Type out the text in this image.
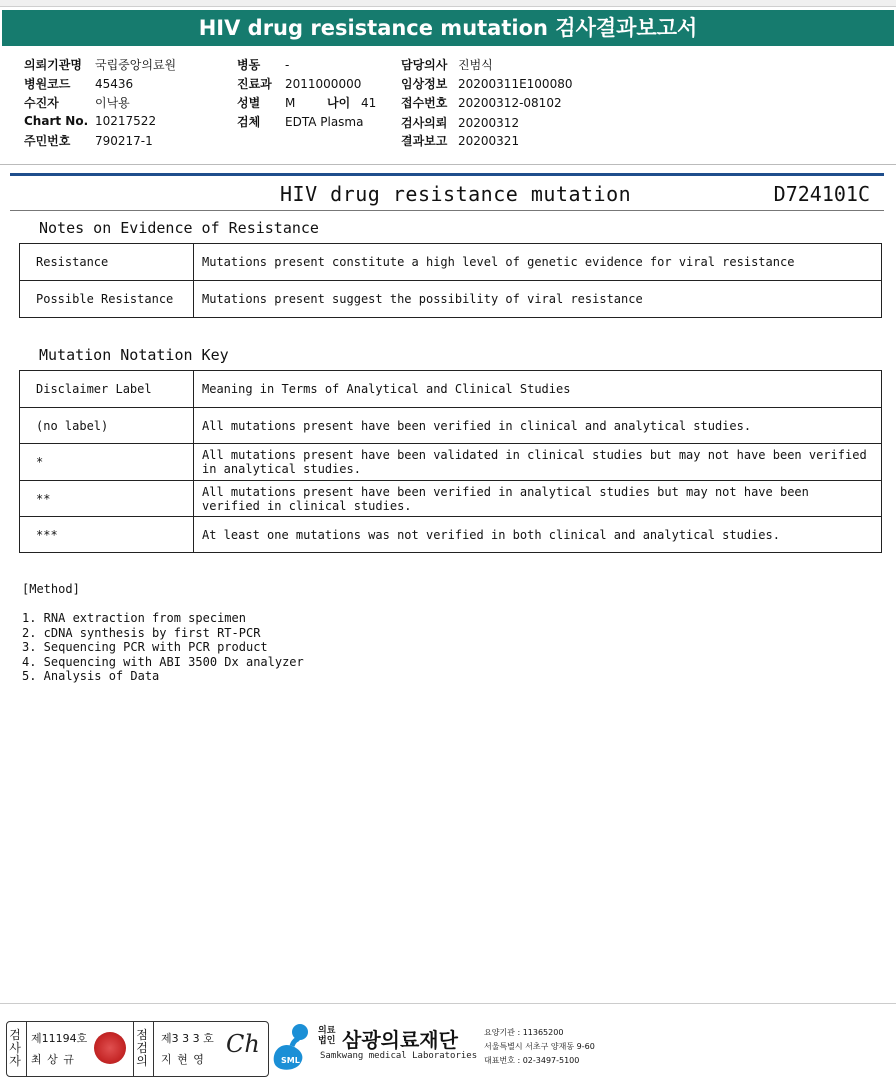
HIV drug resistance mutation 검사결과보고서
의뢰기관명 국립중앙의료원
병원코드 45436
수진자	이낙용
Chart No. 10217522
주민번호 790217-1
병동 -
진료과 2011000000
성별 M	나이 41
검체 EDTA Plasma
담당의사 진범식
임상정보 20200311E100080
접수번호 20200312-08102
검사의뢰 20200312
결과보고 20200321
HIV drug resistance mutation	D724101C
Notes on Evidence of Resistance
Resistance	Mutations present constitute a high level of genetic evidence for viral resistance
Possible Resistance	Mutations present suggest the possibility of viral resistance
Mutation Notation Key
Disclaimer Label	Meaning in Terms of Analytical and Clinical Studies
(no label)	All mutations present have been verified in clinical and analytical studies.
*	All mutations present have been validated in clinical studies but may not have been verified in analytical studies.
**	All mutations present have been verified in analytical studies but may not have been verified in clinical studies.
***	At least one mutations was not verified in both clinical and analytical studies.
[Method]
1. RNA extraction from specimen
2. cDNA synthesis by first RT-PCR
3. Sequencing PCR with PCR product
4. Sequencing with ABI 3500 Dx analyzer
5. Analysis of Data
검사자
제11194호
최 상 규
점검의
제3 3 3 호
지 현 영
Ch
SML
의료법인 삼광의료재단
Samkwang medical Laboratories
요양기관 : 11365200
서울특별시 서초구 양재동 9-60
대표번호 : 02-3497-5100
